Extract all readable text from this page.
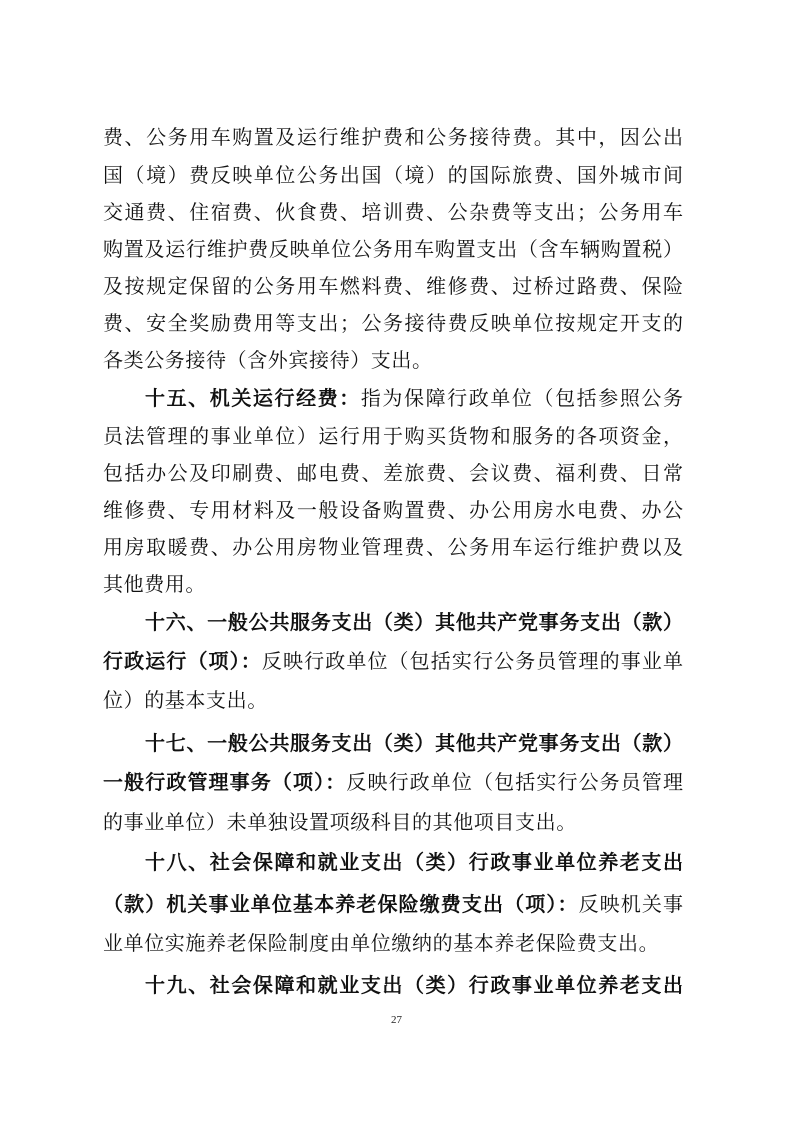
费、公务用车购置及运行维护费和公务接待费。其中，因公出
国（境）费反映单位公务出国（境）的国际旅费、国外城市间
交通费、住宿费、伙食费、培训费、公杂费等支出；公务用车
购置及运行维护费反映单位公务用车购置支出（含车辆购置税）
及按规定保留的公务用车燃料费、维修费、过桥过路费、保险
费、安全奖励费用等支出；公务接待费反映单位按规定开支的
各类公务接待（含外宾接待）支出。
十五、机关运行经费：指为保障行政单位（包括参照公务
员法管理的事业单位）运行用于购买货物和服务的各项资金，
包括办公及印刷费、邮电费、差旅费、会议费、福利费、日常
维修费、专用材料及一般设备购置费、办公用房水电费、办公
用房取暖费、办公用房物业管理费、公务用车运行维护费以及
其他费用。
十六、一般公共服务支出（类）其他共产党事务支出（款）
行政运行（项）：反映行政单位（包括实行公务员管理的事业单
位）的基本支出。
十七、一般公共服务支出（类）其他共产党事务支出（款）
一般行政管理事务（项）：反映行政单位（包括实行公务员管理
的事业单位）未单独设置项级科目的其他项目支出。
十八、社会保障和就业支出（类）行政事业单位养老支出
（款）机关事业单位基本养老保险缴费支出（项）：反映机关事
业单位实施养老保险制度由单位缴纳的基本养老保险费支出。
十九、社会保障和就业支出（类）行政事业单位养老支出
27
